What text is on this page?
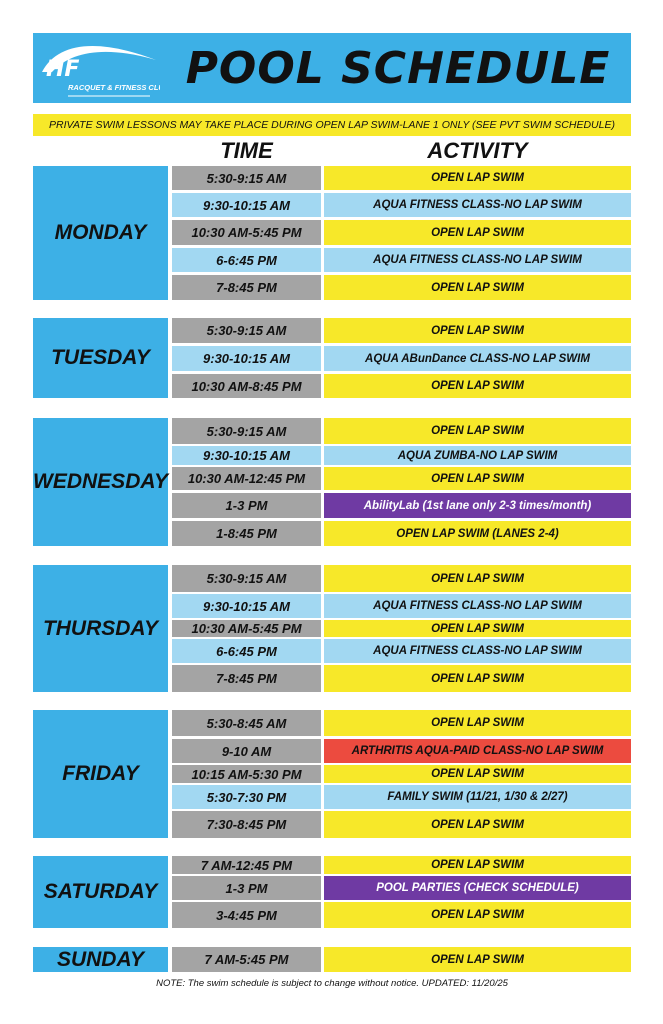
HF
RACQUET & FITNESS CLUB POOL SCHEDULE
PRIVATE SWIM LESSONS MAY TAKE PLACE DURING OPEN LAP SWIM-LANE 1 ONLY (SEE PVT SWIM SCHEDULE)
TIME	ACTIVITY
MONDAY
5:30-9:15 AM	OPEN LAP SWIM
9:30-10:15 AM	AQUA FITNESS CLASS-NO LAP SWIM
10:30 AM-5:45 PM	OPEN LAP SWIM
6-6:45 PM	AQUA FITNESS CLASS-NO LAP SWIM
7-8:45 PM	OPEN LAP SWIM
TUESDAY
5:30-9:15 AM	OPEN LAP SWIM
9:30-10:15 AM	AQUA ABunDance CLASS-NO LAP SWIM
10:30 AM-8:45 PM	OPEN LAP SWIM
WEDNESDAY
5:30-9:15 AM	OPEN LAP SWIM
9:30-10:15 AM	AQUA ZUMBA-NO LAP SWIM
10:30 AM-12:45 PM	OPEN LAP SWIM
1-3 PM	AbilityLab (1st lane only 2-3 times/month)
1-8:45 PM	OPEN LAP SWIM (LANES 2-4)
THURSDAY
5:30-9:15 AM	OPEN LAP SWIM
9:30-10:15 AM	AQUA FITNESS CLASS-NO LAP SWIM
10:30 AM-5:45 PM	OPEN LAP SWIM
6-6:45 PM	AQUA FITNESS CLASS-NO LAP SWIM
7-8:45 PM	OPEN LAP SWIM
FRIDAY
5:30-8:45 AM	OPEN LAP SWIM
9-10 AM	ARTHRITIS AQUA-PAID CLASS-NO LAP SWIM
10:15 AM-5:30 PM	OPEN LAP SWIM
5:30-7:30 PM	FAMILY SWIM (11/21, 1/30 & 2/27)
7:30-8:45 PM	OPEN LAP SWIM
SATURDAY
7 AM-12:45 PM	OPEN LAP SWIM
1-3 PM	POOL PARTIES (CHECK SCHEDULE)
3-4:45 PM	OPEN LAP SWIM
SUNDAY	7 AM-5:45 PM	OPEN LAP SWIM
NOTE: The swim schedule is subject to change without notice. UPDATED: 11/20/25
